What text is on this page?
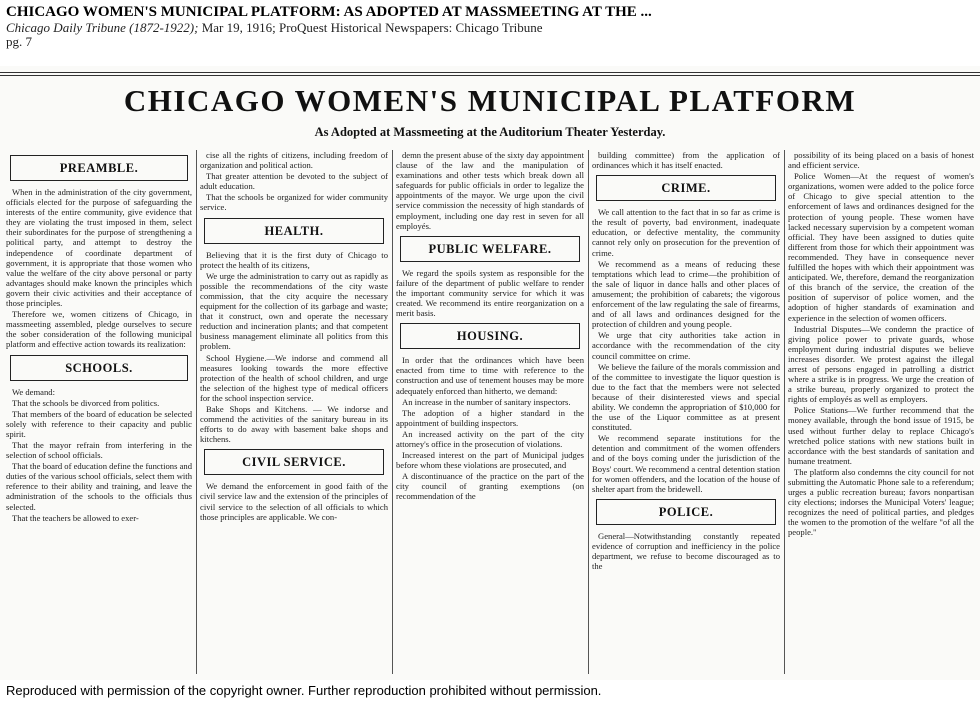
CHICAGO WOMEN'S MUNICIPAL PLATFORM: AS ADOPTED AT MASSMEETING AT THE ...
Chicago Daily Tribune (1872-1922); Mar 19, 1916; ProQuest Historical Newspapers: Chicago Tribune
pg. 7
CHICAGO WOMEN'S MUNICIPAL PLATFORM
As Adopted at Massmeeting at the Auditorium Theater Yesterday.
PREAMBLE.

When in the administration of the city government, officials elected for the purpose of safeguarding the interests of the entire community, give evidence that they are violating the trust imposed in them, select their subordinates for the purpose of strengthening a political party, and attempt to destroy the independence of coordinate department of government, it is appropriate that those women who value the welfare of the city above personal or party advantages should make known the principles which govern their civic activities and their acceptance of those principles.

Therefore we, women citizens of Chicago, in massmeeting assembled, pledge ourselves to secure the sober consideration of the following municipal platform and effective action towards its realization:

SCHOOLS.

We demand:

That the schools be divorced from politics.

That members of the board of education be selected solely with reference to their capacity and public spirit.

That the mayor refrain from interfering in the selection of school officials.

That the board of education define the functions and duties of the various school officials, select them with reference to their ability and training, and leave the administration of the schools to the officials thus selected.

That the teachers be allowed to exer-

cise all the rights of citizens, including freedom of organization and political action.

That greater attention be devoted to the subject of adult education.

That the schools be organized for wider community service.

HEALTH.

Believing that it is the first duty of Chicago to protect the health of its citizens,

We urge the administration to carry out as rapidly as possible the recommendations of the city waste commission, that the city acquire the necessary equipment for the collection of its garbage and waste; that it construct, own and operate the necessary reduction and incineration plants; and that competent business management eliminate all politics from this problem.

School Hygiene.—We indorse and commend all measures looking towards the more effective protection of the health of school children, and urge the selection of the highest type of medical officers for the school inspection service.

Bake Shops and Kitchens. — We indorse and commend the activities of the sanitary bureau in its efforts to do away with basement bake shops and kitchens.

CIVIL SERVICE.

We demand the enforcement in good faith of the civil service law and the extension of the principles of civil service to the selection of all officials to which those principles are applicable. We con-

demn the present abuse of the sixty day appointment clause of the law and the manipulation of examinations and other tests which break down all safeguards for public officials in order to legalize the appointments of the mayor. We urge upon the civil service commission the necessity of high standards of employment, including one day rest in seven for all employés.

PUBLIC WELFARE.

We regard the spoils system as responsible for the failure of the department of public welfare to render the important community service for which it was created. We recommend its entire reorganization on a merit basis.

HOUSING.

In order that the ordinances which have been enacted from time to time with reference to the construction and use of tenement houses may be more adequately enforced than hitherto, we demand:

An increase in the number of sanitary inspectors.

The adoption of a higher standard in the appointment of building inspectors.

An increased activity on the part of the city attorney's office in the prosecution of violations.

Increased interest on the part of Municipal judges before whom these violations are prosecuted, and

A discontinuance of the practice on the part of the city council of granting exemptions (on recommendation of the

building committee) from the application of ordinances which it has itself enacted.

CRIME.

We call attention to the fact that in so far as crime is the result of poverty, bad environment, inadequate education, or defective mentality, the community cannot rely only on prosecution for the prevention of crime.

We recommend as a means of reducing these temptations which lead to crime—the prohibition of the sale of liquor in dance halls and other places of amusement; the prohibition of cabarets; the vigorous enforcement of the law regulating the sale of firearms, and of all laws and ordinances designed for the protection of children and young people.

We urge that city authorities take action in accordance with the recommendation of the city council committee on crime.

We believe the failure of the morals commission and of the committee to investigate the liquor question is due to the fact that the members were not selected because of their disinterested views and special ability. We condemn the appropriation of $10,000 for the use of the Liquor committee as at present constituted.

We recommend separate institutions for the detention and commitment of the women offenders and of the boys coming under the jurisdiction of the Boys' court. We recommend a central detention station for women offenders, and the location of the house of shelter apart from the bridewell.

POLICE.

General—Notwithstanding constantly repeated evidence of corruption and inefficiency in the police department, we refuse to become discouraged as to the

possibility of its being placed on a basis of honest and efficient service.

Police Women—At the request of women's organizations, women were added to the police force of Chicago to give special attention to the enforcement of laws and ordinances designed for the protection of young people. These women have lacked necessary supervision by a competent woman official. They have been assigned to duties quite different from those for which their appointment was recommended. They have in consequence never fulfilled the hopes with which their appointment was anticipated. We, therefore, demand the reorganization of this branch of the service, the creation of the position of supervisor of police women, and the adoption of higher standards of examination and experience in the selection of women officers.

Industrial Disputes—We condemn the practice of giving police power to private guards, whose employment during industrial disputes we believe increases disorder. We protest against the illegal arrest of persons engaged in patrolling a district where a strike is in progress. We urge the creation of a strike bureau, properly organized to protect the rights of employés as well as employers.

Police Stations—We further recommend that the money available, through the bond issue of 1915, be used without further delay to replace Chicago's wretched police stations with new stations built in accordance with the best standards of sanitation and humane treatment.

The platform also condemns the city council for not submitting the Automatic Phone sale to a referendum; urges a public recreation bureau; favors nonpartisan city elections; indorses the Municipal Voters' league; recognizes the need of political parties, and pledges the women to the promotion of the welfare "of all the people."

Reproduced with permission of the copyright owner. Further reproduction prohibited without permission.
